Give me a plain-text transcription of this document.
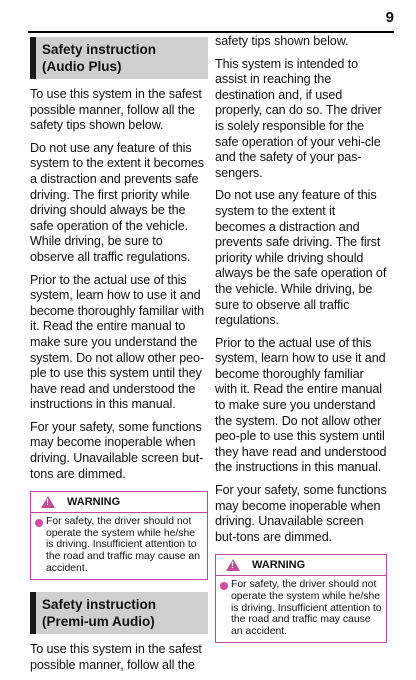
9
Safety instruction (Audio Plus)

To use this system in the safest possible manner, follow all the safety tips shown below.

Do not use any feature of this system to the extent it becomes a distraction and prevents safe driving. The first priority while driving should always be the safe operation of the vehicle. While driving, be sure to observe all traffic regulations.

Prior to the actual use of this system, learn how to use it and become thoroughly familiar with it. Read the entire manual to make sure you understand the system. Do not allow other peo-ple to use this system until they have read and understood the instructions in this manual.

For your safety, some functions may become inoperable when driving. Unavailable screen but-tons are dimmed.

!
WARNING
For safety, the driver should not operate the system while he/she is driving. Insufficient attention to the road and traffic may cause an accident.
Safety instruction (Premi-um Audio)

To use this system in the safest possible manner, follow all the

safety tips shown below.

This system is intended to assist in reaching the destination and, if used properly, can do so. The driver is solely responsible for the safe operation of your vehi-cle and the safety of your pas-sengers.

Do not use any feature of this system to the extent it becomes a distraction and prevents safe driving. The first priority while driving should always be the safe operation of the vehicle. While driving, be sure to observe all traffic regulations.

Prior to the actual use of this system, learn how to use it and become thoroughly familiar with it. Read the entire manual to make sure you understand the system. Do not allow other peo-ple to use this system until they have read and understood the instructions in this manual.

For your safety, some functions may become inoperable when driving. Unavailable screen but-tons are dimmed.

!
WARNING
For safety, the driver should not operate the system while he/she is driving. Insufficient attention to the road and traffic may cause an accident.
